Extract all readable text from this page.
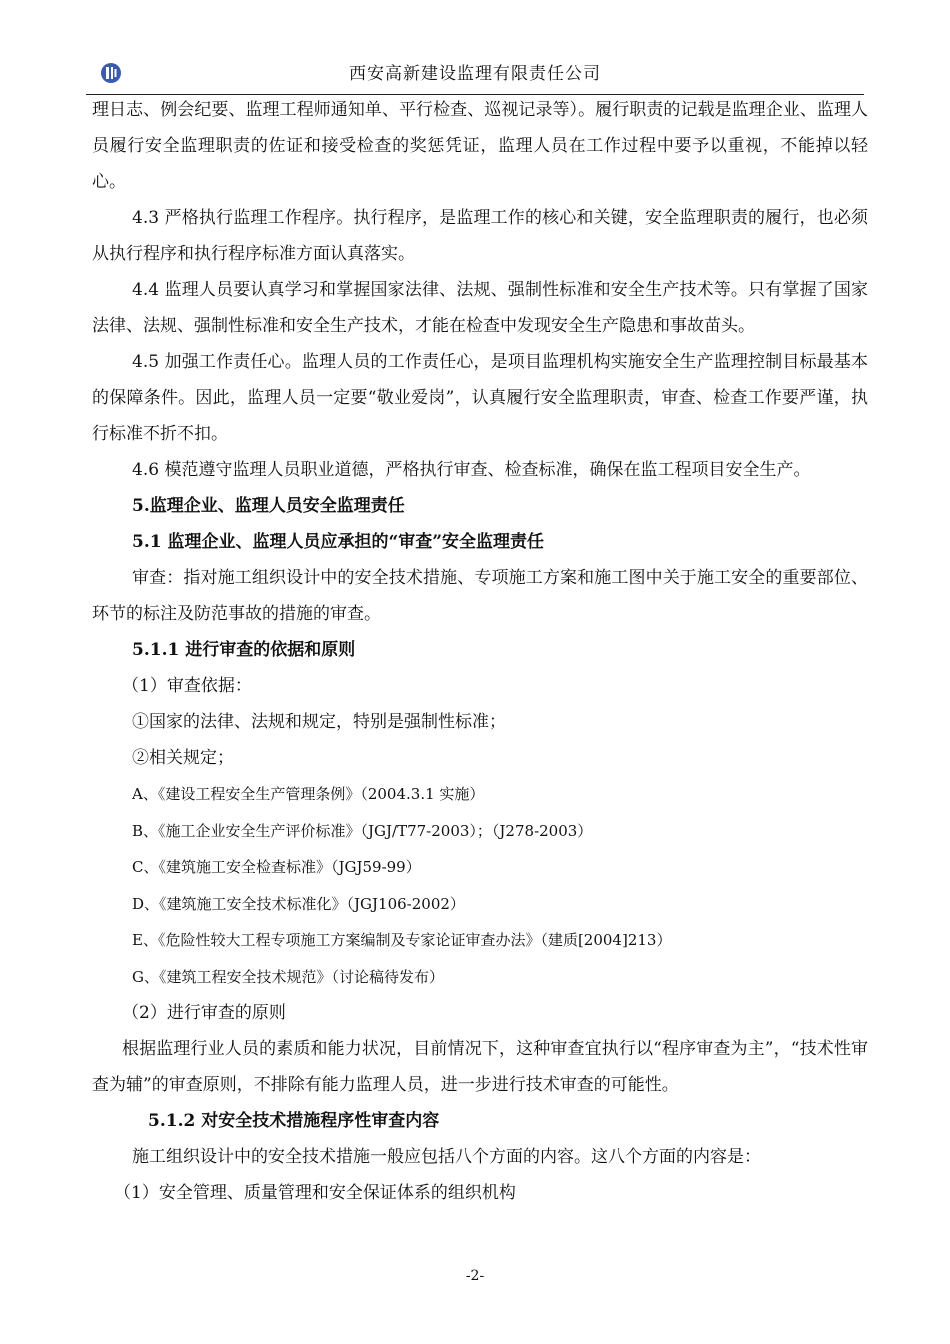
西安高新建设监理有限责任公司

理日志、例会纪要、监理工程师通知单、平行检查、巡视记录等）。履行职责的记载是监理企业、监理人员履行安全监理职责的佐证和接受检查的奖惩凭证，监理人员在工作过程中要予以重视，不能掉以轻心。

4.3 严格执行监理工作程序。执行程序，是监理工作的核心和关键，安全监理职责的履行，也必须从执行程序和执行程序标准方面认真落实。

4.4 监理人员要认真学习和掌握国家法律、法规、强制性标准和安全生产技术等。只有掌握了国家法律、法规、强制性标准和安全生产技术，才能在检查中发现安全生产隐患和事故苗头。

4.5 加强工作责任心。监理人员的工作责任心，是项目监理机构实施安全生产监理控制目标最基本的保障条件。因此，监理人员一定要“敬业爱岗”，认真履行安全监理职责，审查、检查工作要严谨，执行标准不折不扣。

4.6 模范遵守监理人员职业道德，严格执行审查、检查标准，确保在监工程项目安全生产。

5.监理企业、监理人员安全监理责任

5.1 监理企业、监理人员应承担的“审查”安全监理责任

审查：指对施工组织设计中的安全技术措施、专项施工方案和施工图中关于施工安全的重要部位、环节的标注及防范事故的措施的审查。

5.1.1 进行审查的依据和原则

（1）审查依据：

①国家的法律、法规和规定，特别是强制性标准；

②相关规定；

A、《建设工程安全生产管理条例》（2004.3.1 实施）

B、《施工企业安全生产评价标准》（JGJ/T77-2003）；（J278-2003）

C、《建筑施工安全检查标准》（JGJ59-99）

D、《建筑施工安全技术标准化》（JGJ106-2002）

E、《危险性较大工程专项施工方案编制及专家论证审查办法》（建质[2004]213）

G、《建筑工程安全技术规范》（讨论稿待发布）

（2）进行审查的原则

根据监理行业人员的素质和能力状况，目前情况下，这种审查宜执行以“程序审查为主”，“技术性审查为辅”的审查原则，不排除有能力监理人员，进一步进行技术审查的可能性。

5.1.2 对安全技术措施程序性审查内容

施工组织设计中的安全技术措施一般应包括八个方面的内容。这八个方面的内容是：

（1）安全管理、质量管理和安全保证体系的组织机构

-2-
